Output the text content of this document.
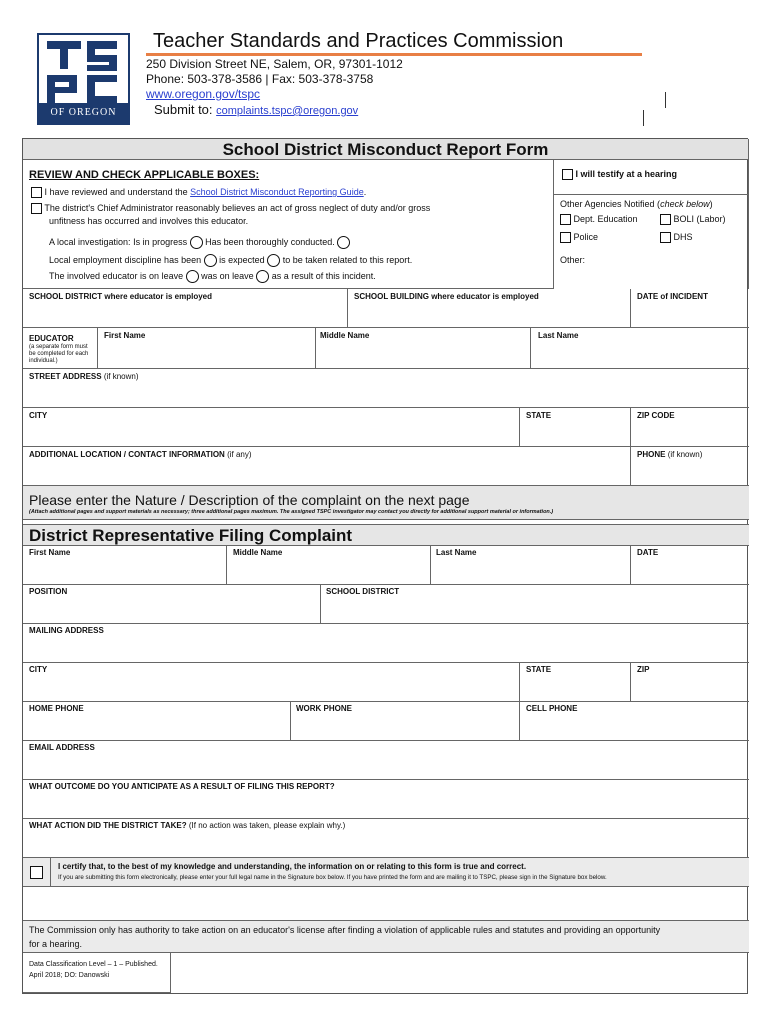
OF OREGON
Teacher Standards and Practices Commission
250 Division Street NE, Salem, OR, 97301-1012
Phone: 503-378-3586 | Fax: 503-378-3758
www.oregon.gov/tspc
Submit to: complaints.tspc@oregon.gov
School District Misconduct Report Form
REVIEW AND CHECK APPLICABLE BOXES:
I have reviewed and understand the School District Misconduct Reporting Guide.
The district's Chief Administrator reasonably believes an act of gross neglect of duty and/or gross
unfitness has occurred and involves this educator.
A local investigation: Is in progress Has been thoroughly conducted.
Local employment discipline has been is expected to be taken related to this report.
The involved educator is on leave was on leave as a result of this incident.
I will testify at a hearing
Other Agencies Notified (check below)
Dept. Education	BOLI (Labor)
Police	DHS
Other:
SCHOOL DISTRICT where educator is employed	SCHOOL BUILDING where educator is employed	DATE of INCIDENT
EDUCATOR
(a separate form must be completed for each individual.)
First Name	Middle Name	Last Name
STREET ADDRESS (if known)
CITY	STATE	ZIP CODE
ADDITIONAL LOCATION / CONTACT INFORMATION (if any)	PHONE (if known)
Please enter the Nature / Description of the complaint on the next page
(Attach additional pages and support materials as necessary; three additional pages maximum. The assigned TSPC investigator may contact you directly for additional support material or information.)
District Representative Filing Complaint
First Name	Middle Name	Last Name	DATE
POSITION	SCHOOL DISTRICT
MAILING ADDRESS
CITY	STATE	ZIP
HOME PHONE	WORK PHONE	CELL PHONE
EMAIL ADDRESS
WHAT OUTCOME DO YOU ANTICIPATE AS A RESULT OF FILING THIS REPORT?
WHAT ACTION DID THE DISTRICT TAKE? (If no action was taken, please explain why.)
I certify that, to the best of my knowledge and understanding, the information on or relating to this form is true and correct.
If you are submitting this form electronically, please enter your full legal name in the Signature box below. If you have printed the form and are mailing it to TSPC, please sign in the Signature box below.
The Commission only has authority to take action on an educator's license after finding a violation of applicable rules and statutes and providing an opportunity
for a hearing.
Data Classification Level – 1 – Published.
April 2018; DO: Danowski
